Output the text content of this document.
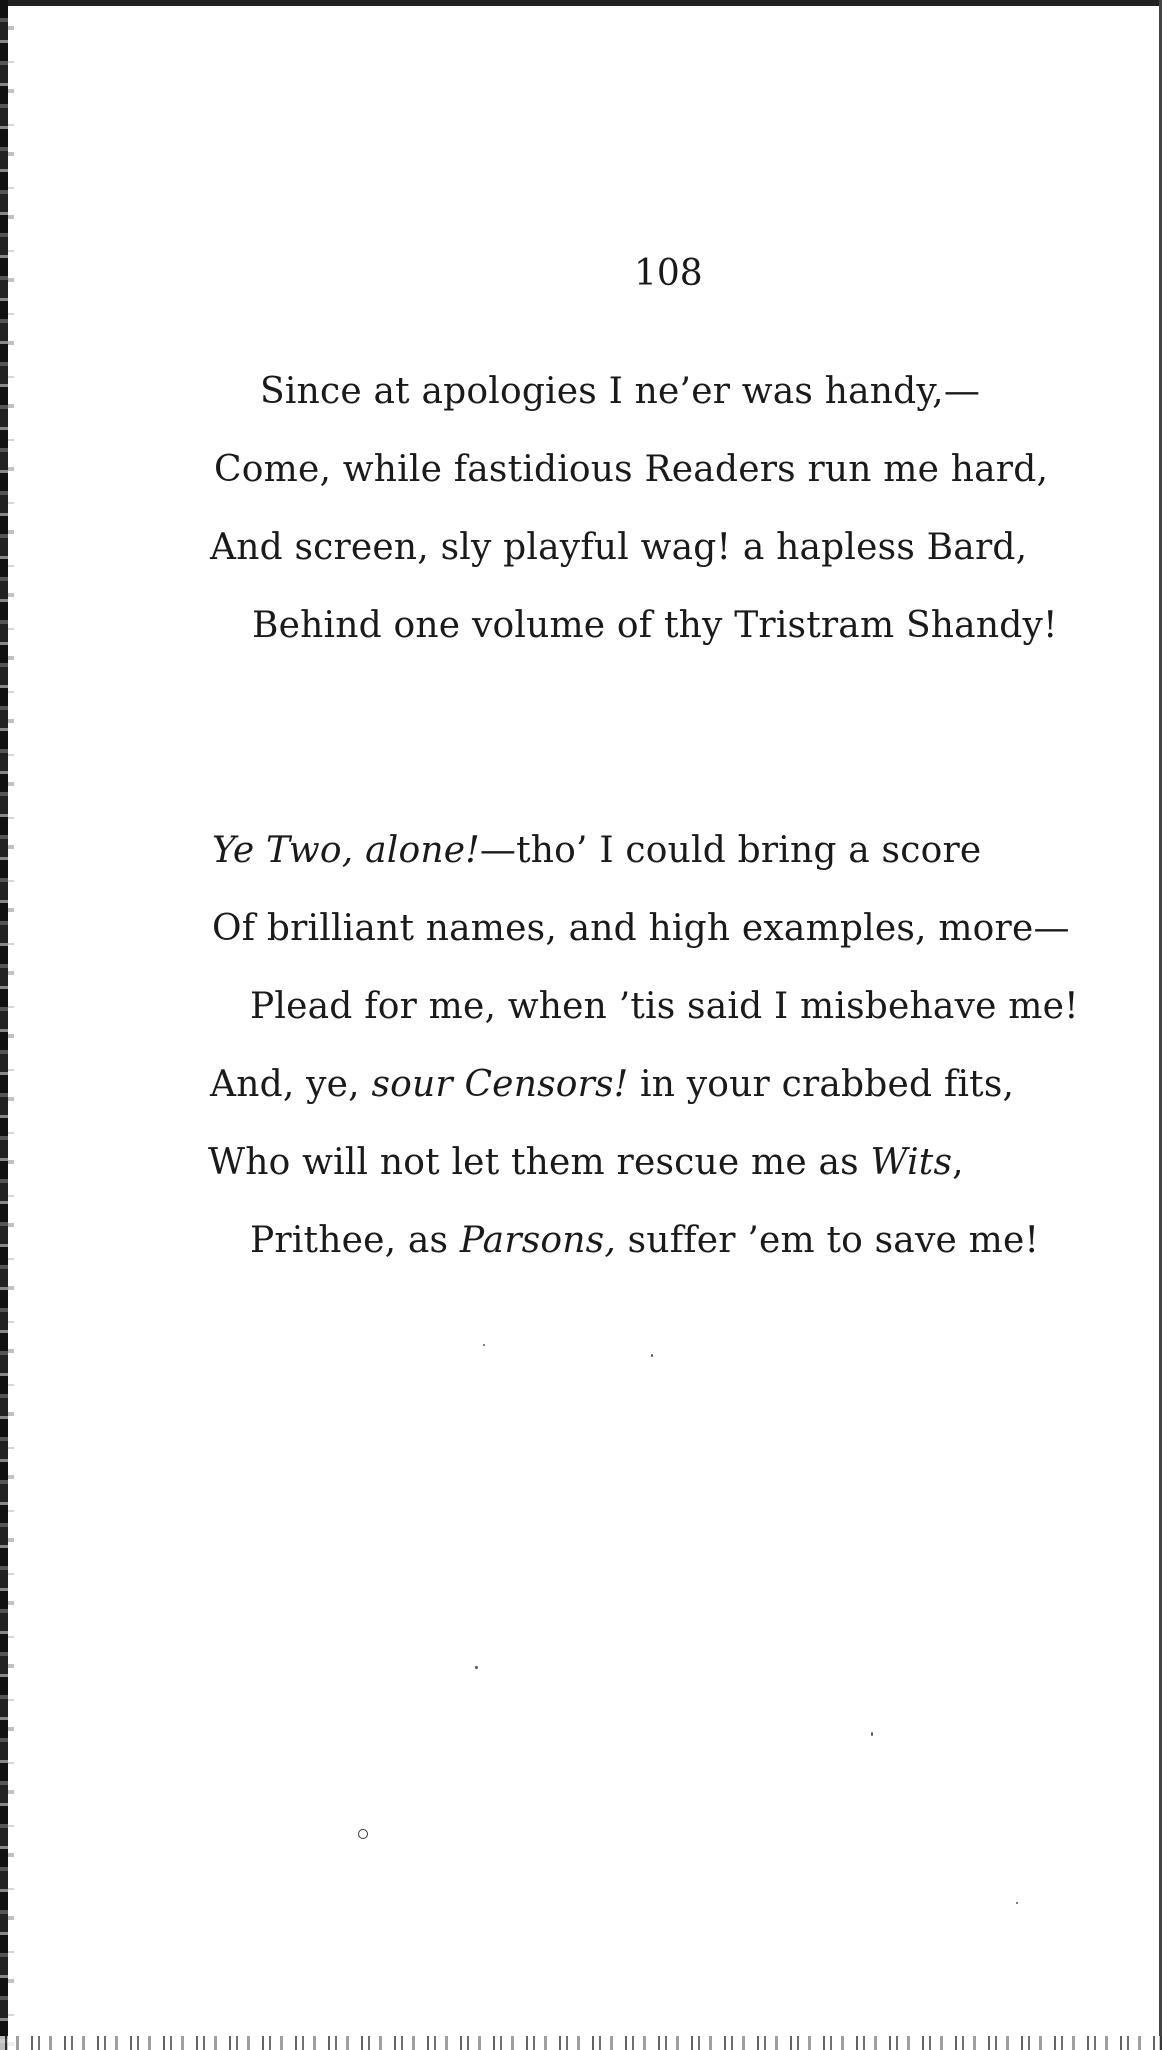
108
Since at apologies I ne’er was handy,—
Come, while fastidious Readers run me hard,
And screen, sly playful wag! a hapless Bard,
Behind one volume of thy Tristram Shandy!
Ye Two, alone!—tho’ I could bring a score
Of brilliant names, and high examples, more—
Plead for me, when ’tis said I misbehave me!
And, ye, sour Censors! in your crabbed fits,
Who will not let them rescue me as Wits,
Prithee, as Parsons, suffer ’em to save me!
